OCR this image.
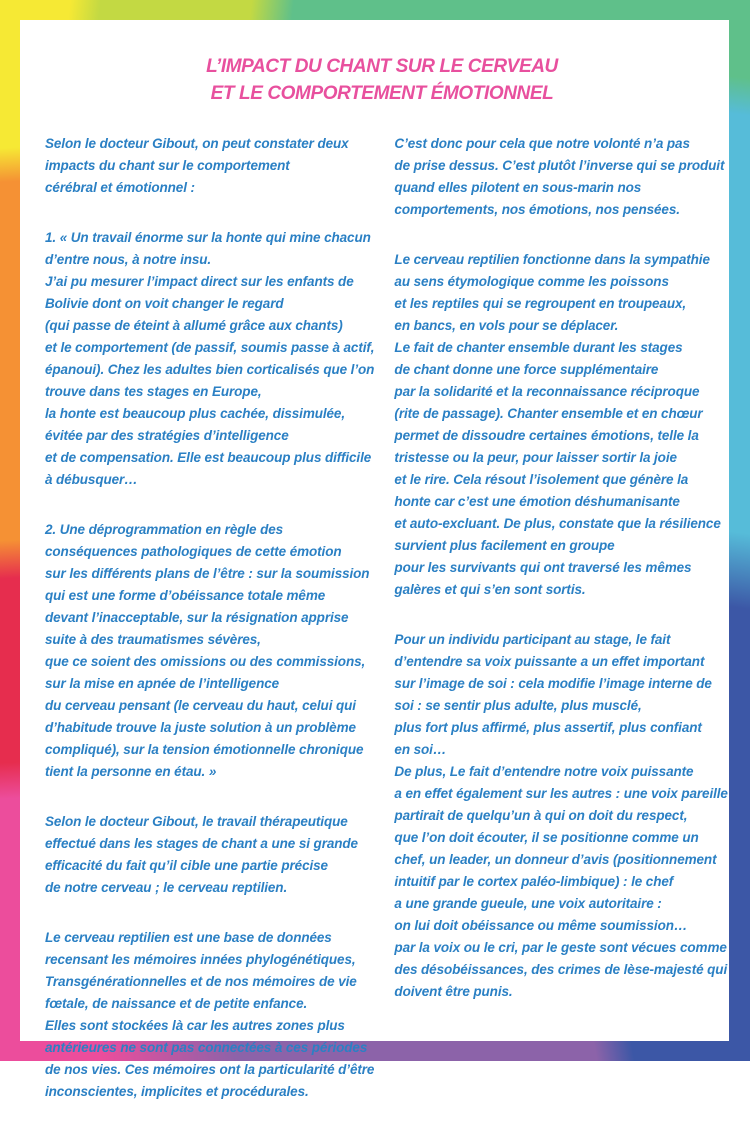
L’IMPACT DU CHANT SUR LE CERVEAU
ET LE COMPORTEMENT ÉMOTIONNEL

Selon le docteur Gibout, on peut constater deux
impacts du chant sur le comportement
cérébral et émotionnel :

1. « Un travail énorme sur la honte qui mine chacun
d’entre nous, à notre insu.
J’ai pu mesurer l’impact direct sur les enfants de
Bolivie dont on voit changer le regard
(qui passe de éteint à allumé grâce aux chants)
et le comportement (de passif, soumis passe à actif,
épanoui). Chez les adultes bien corticalisés que l’on
trouve dans tes stages en Europe,
la honte est beaucoup plus cachée, dissimulée,
évitée par des stratégies d’intelligence
et de compensation. Elle est beaucoup plus difficile
à débusquer…

2. Une déprogrammation en règle des
conséquences pathologiques de cette émotion
sur les différents plans de l’être : sur la soumission
qui est une forme d’obéissance totale même
devant l’inacceptable, sur la résignation apprise
suite à des traumatismes sévères,
que ce soient des omissions ou des commissions,
sur la mise en apnée de l’intelligence
du cerveau pensant (le cerveau du haut, celui qui
d’habitude trouve la juste solution à un problème
compliqué), sur la tension émotionnelle chronique
tient la personne en étau. »

Selon le docteur Gibout, le travail thérapeutique
effectué dans les stages de chant a une si grande
efficacité du fait qu’il cible une partie précise
de notre cerveau ; le cerveau reptilien.

Le cerveau reptilien est une base de données
recensant les mémoires innées phylogénétiques,
Transgénérationnelles et de nos mémoires de vie
fœtale, de naissance et de petite enfance.
Elles sont stockées là car les autres zones plus
antérieures ne sont pas connectées à ces périodes
de nos vies. Ces mémoires ont la particularité d’être
inconscientes, implicites et procédurales.

C’est donc pour cela que notre volonté n’a pas
de prise dessus. C’est plutôt l’inverse qui se produit
quand elles pilotent en sous-marin nos
comportements, nos émotions, nos pensées.

Le cerveau reptilien fonctionne dans la sympathie
au sens étymologique comme les poissons
et les reptiles qui se regroupent en troupeaux,
en bancs, en vols pour se déplacer.
Le fait de chanter ensemble durant les stages
de chant donne une force supplémentaire
par la solidarité et la reconnaissance réciproque
(rite de passage). Chanter ensemble et en chœur
permet de dissoudre certaines émotions, telle la
tristesse ou la peur, pour laisser sortir la joie
et le rire. Cela résout l’isolement que génère la
honte car c’est une émotion déshumanisante
et auto-excluant. De plus, constate que la résilience
survient plus facilement en groupe
pour les survivants qui ont traversé les mêmes
galères et qui s’en sont sortis.

Pour un individu participant au stage, le fait
d’entendre sa voix puissante a un effet important
sur l’image de soi : cela modifie l’image interne de
soi : se sentir plus adulte, plus musclé,
plus fort plus affirmé, plus assertif, plus confiant
en soi…
De plus, Le fait d’entendre notre voix puissante
a en effet également sur les autres : une voix pareille
partirait de quelqu’un à qui on doit du respect,
que l’on doit écouter, il se positionne comme un
chef, un leader, un donneur d’avis (positionnement
intuitif par le cortex paléo-limbique) : le chef
a une grande gueule, une voix autoritaire :
on lui doit obéissance ou même soumission…
par la voix ou le cri, par le geste sont vécues comme
des désobéissances, des crimes de lèse-majesté qui
doivent être punis.
